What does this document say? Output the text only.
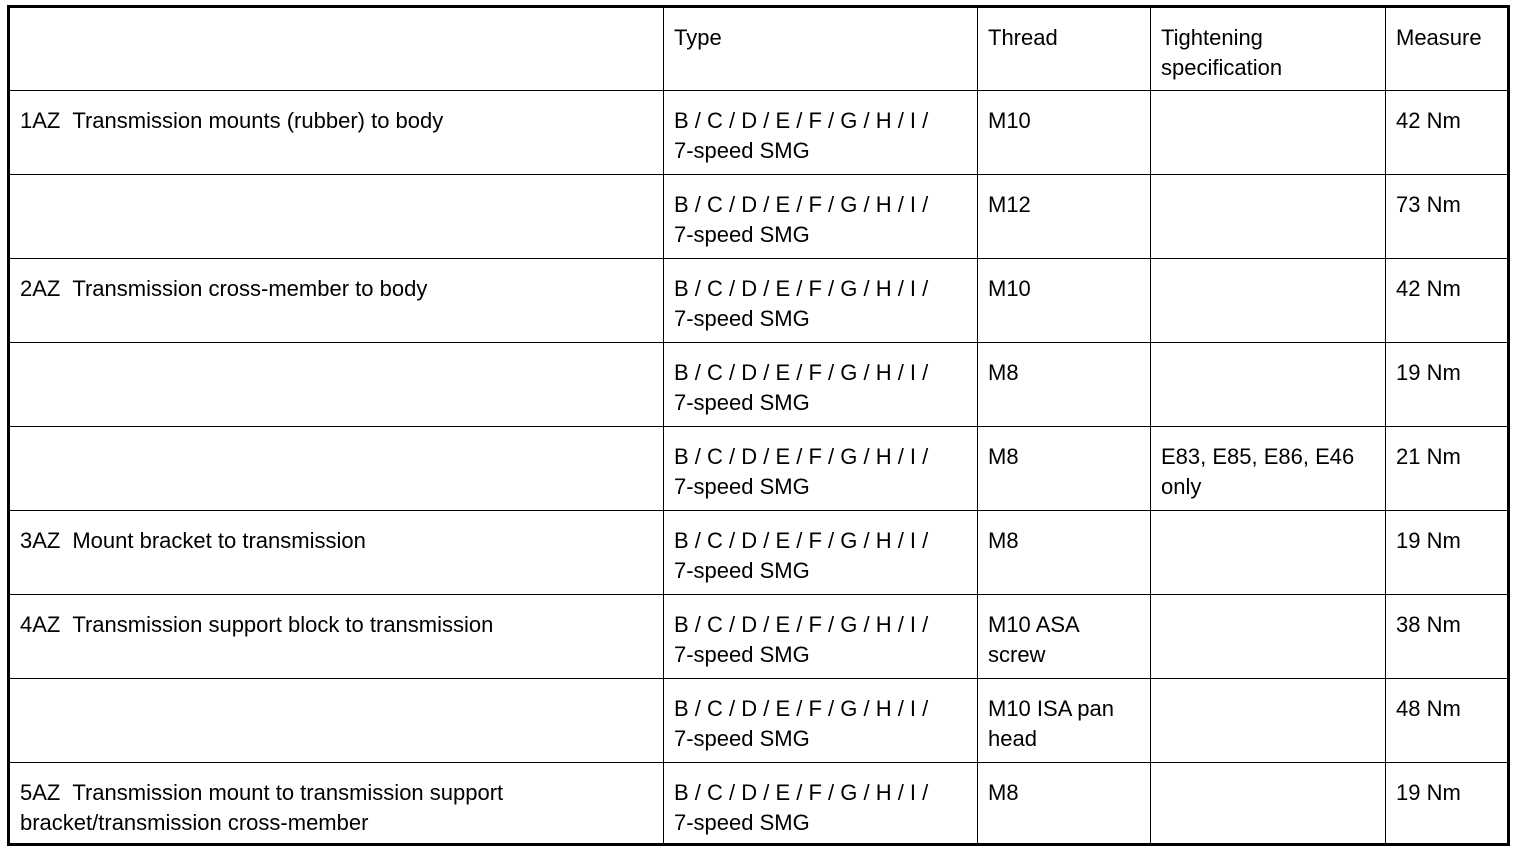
	Type	Thread	Tightening
specification	Measure
1AZ Transmission mounts (rubber) to body	B / C / D / E / F / G / H / I /
7-speed SMG	M10		42 Nm

	B / C / D / E / F / G / H / I /
7-speed SMG	M12		73 Nm
2AZ Transmission cross-member to body	B / C / D / E / F / G / H / I /
7-speed SMG	M10		42 Nm

	B / C / D / E / F / G / H / I /
7-speed SMG	M8		19 Nm

	B / C / D / E / F / G / H / I /
7-speed SMG	M8	E83, E85, E86, E46 only	21 Nm
3AZ Mount bracket to transmission	B / C / D / E / F / G / H / I /
7-speed SMG	M8		19 Nm
4AZ Transmission support block to transmission	B / C / D / E / F / G / H / I /
7-speed SMG	M10 ASA screw		38 Nm

	B / C / D / E / F / G / H / I /
7-speed SMG	M10 ISA pan head		48 Nm
5AZ Transmission mount to transmission support
bracket/transmission cross-member	B / C / D / E / F / G / H / I /
7-speed SMG	M8		19 Nm
